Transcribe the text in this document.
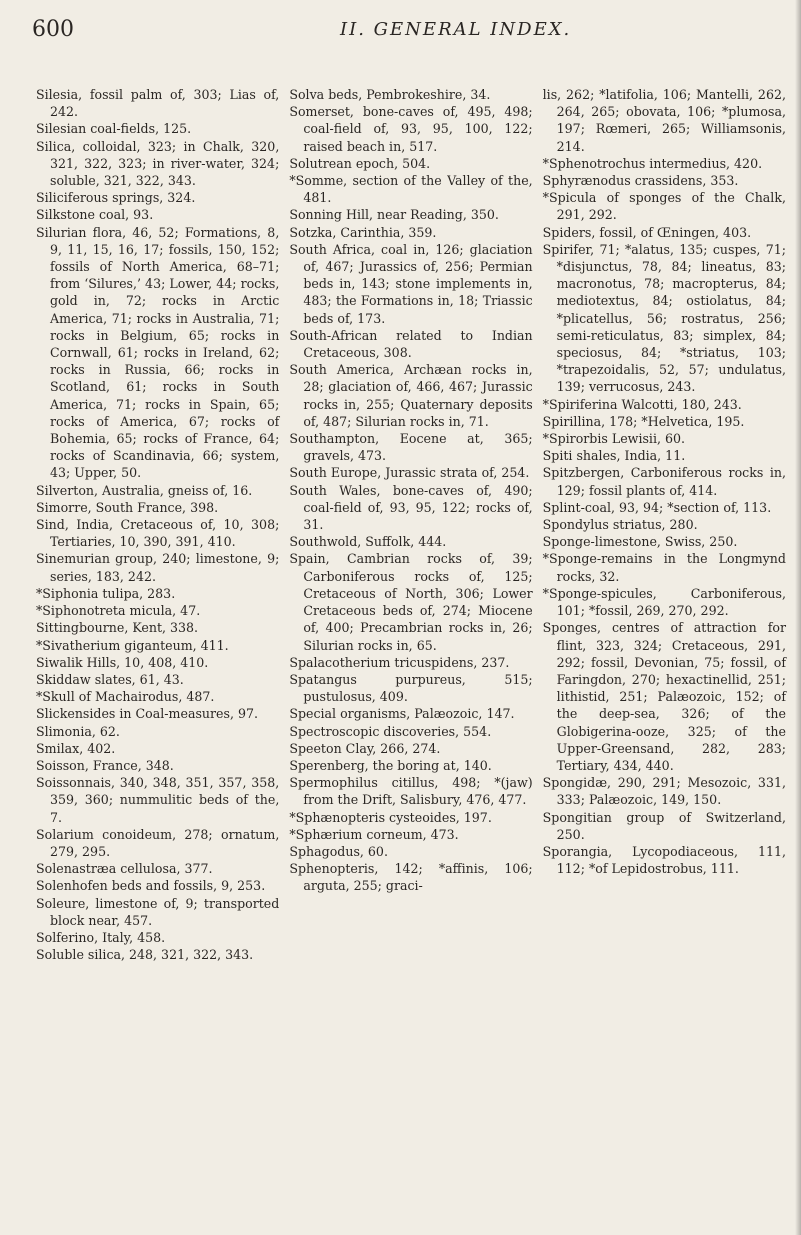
600	II. GENERAL INDEX.
Silesia, fossil palm of, 303; Lias of, 242.
Silesian coal-fields, 125.
Silica, colloidal, 323; in Chalk, 320, 321, 322, 323; in river-water, 324; soluble, 321, 322, 343.
Siliciferous springs, 324.
Silkstone coal, 93.
Silurian flora, 46, 52; Formations, 8, 9, 11, 15, 16, 17; fossils, 150, 152; fossils of North America, 68–71; from ‘Silures,’ 43; Lower, 44; rocks, gold in, 72; rocks in Arctic America, 71; rocks in Australia, 71; rocks in Belgium, 65; rocks in Cornwall, 61; rocks in Ireland, 62; rocks in Russia, 66; rocks in Scotland, 61; rocks in South America, 71; rocks in Spain, 65; rocks of America, 67; rocks of Bohemia, 65; rocks of France, 64; rocks of Scandinavia, 66; system, 43; Upper, 50.
Silverton, Australia, gneiss of, 16.
Simorre, South France, 398.
Sind, India, Cretaceous of, 10, 308; Tertiaries, 10, 390, 391, 410.
Sinemurian group, 240; limestone, 9; series, 183, 242.
*Siphonia tulipa, 283.
*Siphonotreta micula, 47.
Sittingbourne, Kent, 338.
*Sivatherium giganteum, 411.
Siwalik Hills, 10, 408, 410.
Skiddaw slates, 61, 43.
*Skull of Machairodus, 487.
Slickensides in Coal-measures, 97.
Slimonia, 62.
Smilax, 402.
Soisson, France, 348.
Soissonnais, 340, 348, 351, 357, 358, 359, 360; nummulitic beds of the, 7.
Solarium conoideum, 278; ornatum, 279, 295.
Solenastræa cellulosa, 377.
Solenhofen beds and fossils, 9, 253.
Soleure, limestone of, 9; transported block near, 457.
Solferino, Italy, 458.
Soluble silica, 248, 321, 322, 343.
Solva beds, Pembrokeshire, 34.
Somerset, bone-caves of, 495, 498; coal-field of, 93, 95, 100, 122; raised beach in, 517.
Solutrean epoch, 504.
*Somme, section of the Valley of the, 481.
Sonning Hill, near Reading, 350.
Sotzka, Carinthia, 359.
South Africa, coal in, 126; glaciation of, 467; Jurassics of, 256; Permian beds in, 143; stone implements in, 483; the Formations in, 18; Triassic beds of, 173.
South-African related to Indian Cretaceous, 308.
South America, Archæan rocks in, 28; glaciation of, 466, 467; Jurassic rocks in, 255; Quaternary deposits of, 487; Silurian rocks in, 71.
Southampton, Eocene at, 365; gravels, 473.
South Europe, Jurassic strata of, 254.
South Wales, bone-caves of, 490; coal-field of, 93, 95, 122; rocks of, 31.
Southwold, Suffolk, 444.
Spain, Cambrian rocks of, 39; Carboniferous rocks of, 125; Cretaceous of North, 306; Lower Cretaceous beds of, 274; Miocene of, 400; Precambrian rocks in, 26; Silurian rocks in, 65.
Spalacotherium tricuspidens, 237.
Spatangus purpureus, 515; pustulosus, 409.
Special organisms, Palæozoic, 147.
Spectroscopic discoveries, 554.
Speeton Clay, 266, 274.
Sperenberg, the boring at, 140.
Spermophilus citillus, 498; *(jaw) from the Drift, Salisbury, 476, 477.
*Sphænopteris cysteoides, 197.
*Sphærium corneum, 473.
Sphagodus, 60.
Sphenopteris, 142; *affinis, 106; arguta, 255; graci-
lis, 262; *latifolia, 106; Mantelli, 262, 264, 265; obovata, 106; *plumosa, 197; Rœmeri, 265; Williamsonis, 214.
*Sphenotrochus intermedius, 420.
Sphyrænodus crassidens, 353.
*Spicula of sponges of the Chalk, 291, 292.
Spiders, fossil, of Œningen, 403.
Spirifer, 71; *alatus, 135; cuspes, 71; *disjunctus, 78, 84; lineatus, 83; macronotus, 78; macropterus, 84; mediotextus, 84; ostiolatus, 84; *plicatellus, 56; rostratus, 256; semi-reticulatus, 83; simplex, 84; speciosus, 84; *striatus, 103; *trapezoidalis, 52, 57; undulatus, 139; verrucosus, 243.
*Spiriferina Walcotti, 180, 243.
Spirillina, 178; *Helvetica, 195.
*Spirorbis Lewisii, 60.
Spiti shales, India, 11.
Spitzbergen, Carboniferous rocks in, 129; fossil plants of, 414.
Splint-coal, 93, 94; *section of, 113.
Spondylus striatus, 280.
Sponge-limestone, Swiss, 250.
*Sponge-remains in the Longmynd rocks, 32.
*Sponge-spicules, Carboniferous, 101; *fossil, 269, 270, 292.
Sponges, centres of attraction for flint, 323, 324; Cretaceous, 291, 292; fossil, Devonian, 75; fossil, of Faringdon, 270; hexactinellid, 251; lithistid, 251; Palæozoic, 152; of the deep-sea, 326; of the Globigerina-ooze, 325; of the Upper-Greensand, 282, 283; Tertiary, 434, 440.
Spongidæ, 290, 291; Mesozoic, 331, 333; Palæozoic, 149, 150.
Spongitian group of Switzerland, 250.
Sporangia, Lycopodiaceous, 111, 112; *of Lepidostrobus, 111.
